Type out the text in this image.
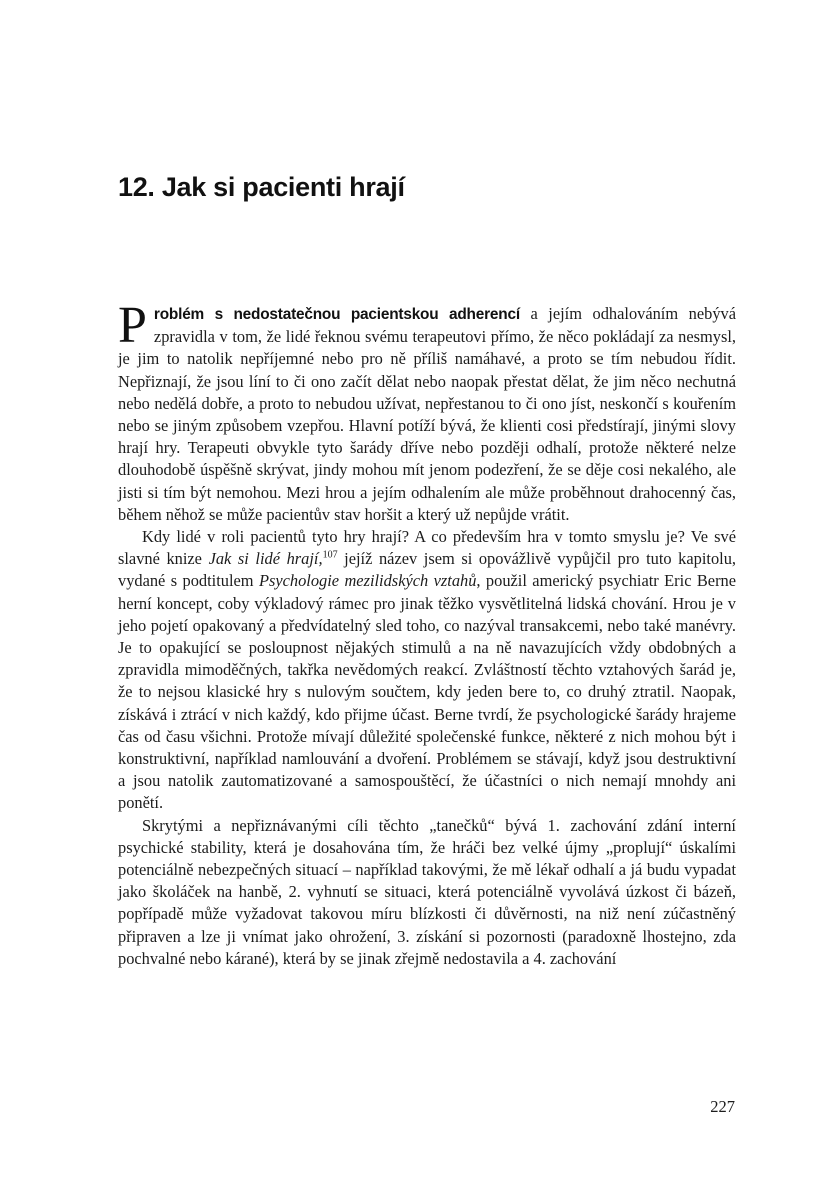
12. Jak si pacienti hrají

Problém s nedostatečnou pacientskou adherencí a jejím odhalováním nebývá zpravidla v tom, že lidé řeknou svému terapeutovi přímo, že něco pokládají za nesmysl, je jim to natolik nepříjemné nebo pro ně příliš namáhavé, a proto se tím nebudou řídit. Nepřiznají, že jsou líní to či ono začít dělat nebo naopak přestat dělat, že jim něco nechutná nebo nedělá dobře, a proto to nebudou užívat, nepřestanou to či ono jíst, neskončí s kouřením nebo se jiným způsobem vzepřou. Hlavní potíží bývá, že klienti cosi předstírají, jinými slovy hrají hry. Terapeuti obvykle tyto šarády dříve nebo později odhalí, protože některé nelze dlouhodobě úspěšně skrývat, jindy mohou mít jenom podezření, že se děje cosi nekalého, ale jisti si tím být nemohou. Mezi hrou a jejím odhalením ale může proběhnout drahocenný čas, během něhož se může pacientův stav horšit a který už nepůjde vrátit.

Kdy lidé v roli pacientů tyto hry hrají? A co především hra v tomto smyslu je? Ve své slavné knize Jak si lidé hrají,$^{107}$ jejíž název jsem si opovážlivě vypůjčil pro tuto kapitolu, vydané s podtitulem Psychologie mezilidských vztahů, použil americký psychiatr Eric Berne herní koncept, coby výkladový rámec pro jinak těžko vysvětlitelná lidská chování. Hrou je v jeho pojetí opakovaný a předvídatelný sled toho, co nazýval transakcemi, nebo také manévry. Je to opakující se posloupnost nějakých stimulů a na ně navazujících vždy obdobných a zpravidla mimoděčných, takřka nevědomých reakcí. Zvláštností těchto vztahových šarád je, že to nejsou klasické hry s nulovým součtem, kdy jeden bere to, co druhý ztratil. Naopak, získává i ztrácí v nich každý, kdo přijme účast. Berne tvrdí, že psychologické šarády hrajeme čas od času všichni. Protože mívají důležité společenské funkce, některé z nich mohou být i konstruktivní, například namlouvání a dvoření. Problémem se stávají, když jsou destruktivní a jsou natolik zautomatizované a samospouštěcí, že účastníci o nich nemají mnohdy ani ponětí.

Skrytými a nepřiznávanými cíli těchto „tanečků“ bývá 1. zachování zdání interní psychické stability, která je dosahována tím, že hráči bez velké újmy „proplují“ úskalími potenciálně nebezpečných situací – například takovými, že mě lékař odhalí a já budu vypadat jako školáček na hanbě, 2. vyhnutí se situaci, která potenciálně vyvolává úzkost či bázeň, popřípadě může vyžadovat takovou míru blízkosti či důvěrnosti, na niž není zúčastněný připraven a lze ji vnímat jako ohrožení, 3. získání si pozornosti (paradoxně lhostejno, zda pochvalné nebo kárané), která by se jinak zřejmě nedostavila a 4. zachování

227
